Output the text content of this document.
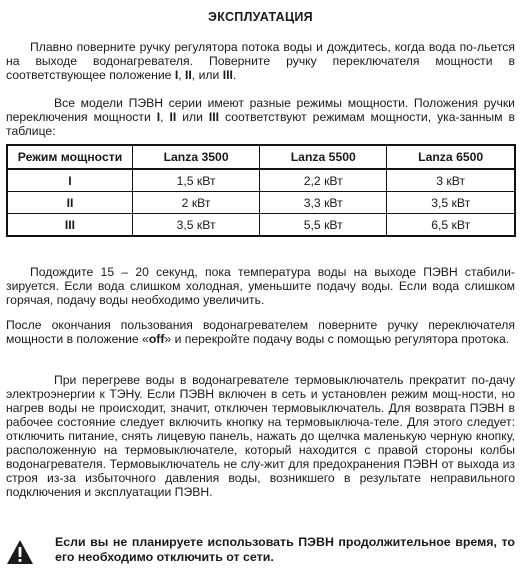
ЭКСПЛУАТАЦИЯ

Плавно поверните ручку регулятора потока воды и дождитесь, когда вода по-льется на выходе водонагревателя. Поверните ручку переключателя мощности в соответствующее положение I, II, или III.

Все модели ПЭВН серии имеют разные режимы мощности. Положения ручки переключения мощности I, II или III соответствуют режимам мощности, ука-занным в таблице:

Режим мощности	Lanza 3500	Lanza 5500	Lanza 6500
I	1,5 кВт	2,2 кВт	3 кВт
II	2 кВт	3,3 кВт	3,5 кВт
III	3,5 кВт	5,5 кВт	6,5 кВт

Подождите 15 – 20 секунд, пока температура воды на выходе ПЭВН стабили-зируется. Если вода слишком холодная, уменьшите подачу воды. Если вода слишком горячая, подачу воды необходимо увеличить.

После окончания пользования водонагревателем поверните ручку переключателя мощности в положение «off» и перекройте подачу воды с помощью регулятора протока.

При перегреве воды в водонагревателе термовыключатель прекратит по-дачу электроэнергии к ТЭНу. Если ПЭВН включен в сеть и установлен режим мощ-ности, но нагрев воды не происходит, значит, отключен термовыключатель. Для возврата ПЭВН в рабочее состояние следует включить кнопку на термовыключа-теле. Для этого следует: отключить питание, снять лицевую панель, нажать до щелчка маленькую черную кнопку, расположенную на термовыключателе, который находится с правой стороны колбы водонагревателя. Термовыключатель не слу-жит для предохранения ПЭВН от выхода из строя из-за избыточного давления воды, возникшего в результате неправильного подключения и эксплуатации ПЭВН.

Если вы не планируете использовать ПЭВН продолжительное время, то его необходимо отключить от сети.
